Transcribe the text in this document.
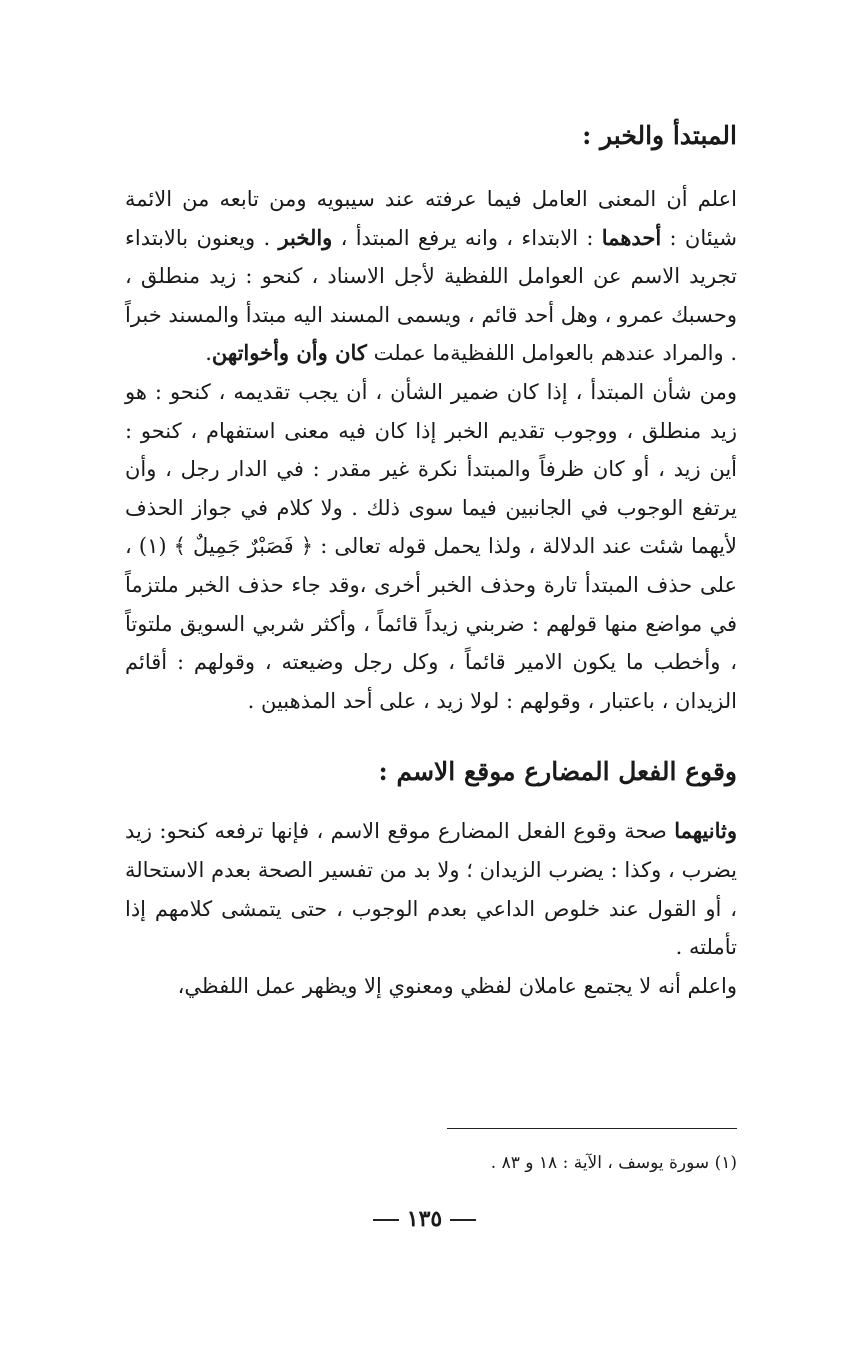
المبتدأ والخبر :

اعلم أن المعنى العامل فيما عرفته عند سيبويه ومن تابعه من الائمة شيئان : أحدهما : الابتداء ، وانه يرفع المبتدأ ، والخبر . ويعنون بالابتداء تجريد الاسم عن العوامل اللفظية لأجل الاسناد ، كنحو : زيد منطلق ، وحسبك عمرو ، وهل أحد قائم ، ويسمى المسند اليه مبتدأ والمسند خبراً . والمراد عندهم بالعوامل اللفظيةما عملت كان وأن وأخواتهن.

ومن شأن المبتدأ ، إذا كان ضمير الشأن ، أن يجب تقديمه ، كنحو : هو زيد منطلق ، ووجوب تقديم الخبر إذا كان فيه معنى استفهام ، كنحو : أين زيد ، أو كان ظرفاً والمبتدأ نكرة غير مقدر : في الدار رجل ، وأن يرتفع الوجوب في الجانبين فيما سوى ذلك . ولا كلام في جواز الحذف لأيهما شئت عند الدلالة ، ولذا يحمل قوله تعالى : ﴿ فَصَبْرٌ جَمِيلٌ ﴾ (١) ، على حذف المبتدأ تارة وحذف الخبر أخرى ،وقد جاء حذف الخبر ملتزماً في مواضع منها قولهم : ضربني زيداً قائماً ، وأكثر شربي السويق ملتوتاً ، وأخطب ما يكون الامير قائماً ، وكل رجل وضيعته ، وقولهم : أقائم الزيدان ، باعتبار ، وقولهم : لولا زيد ، على أحد المذهبين .

وقوع الفعل المضارع موقع الاسم :

وثانيهما صحة وقوع الفعل المضارع موقع الاسم ، فإنها ترفعه كنحو: زيد يضرب ، وكذا : يضرب الزيدان ؛ ولا بد من تفسير الصحة بعدم الاستحالة ، أو القول عند خلوص الداعي بعدم الوجوب ، حتى يتمشى كلامهم إذا تأملته .

واعلم أنه لا يجتمع عاملان لفظي ومعنوي إلا ويظهر عمل اللفظي،

(١) سورة يوسف ، الآية : ١٨ و ٨٣ .
١٣٥
